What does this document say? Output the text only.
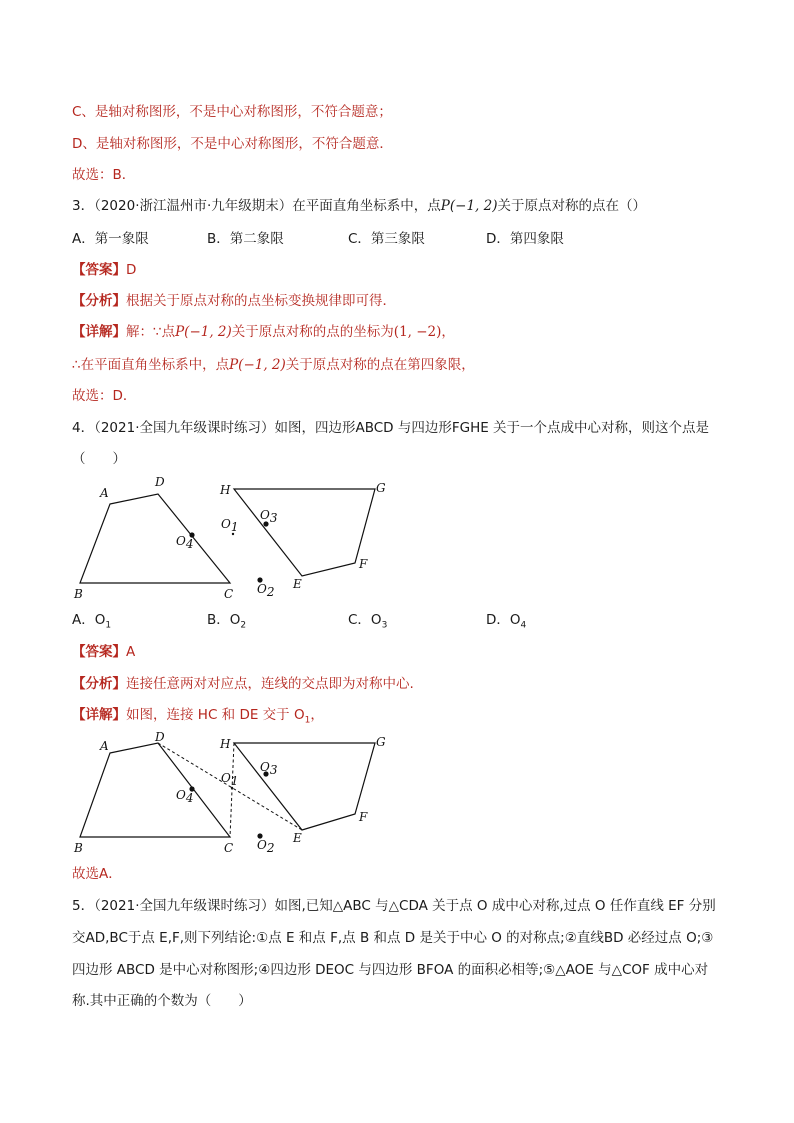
C、是轴对称图形，不是中心对称图形，不符合题意；
D、是轴对称图形，不是中心对称图形，不符合题意．
故选：B．
3．（2020·浙江温州市·九年级期末）在平面直角坐标系中，点P(−1, 2)关于原点对称的点在（）
A．第一象限	B．第二象限	C．第三象限	D．第四象限
【答案】D
【分析】根据关于原点对称的点坐标变换规律即可得．
【详解】解：∵点P(−1, 2)关于原点对称的点的坐标为(1, −2)，
∴在平面直角坐标系中，点P(−1, 2)关于原点对称的点在第四象限，
故选：D．
4．（2021·全国九年级课时练习）如图，四边形ABCD 与四边形FGHE 关于一个点成中心对称，则这个点是
（　　）
A
D
B	C
H	G
F
E
O4
O3
O2
O1
A．$O_1$	B．$O_2$	C．$O_3$	D．$O_4$
【答案】A
【分析】连接任意两对对应点，连线的交点即为对称中心.
【详解】如图，连接 HC 和 DE 交于 $O_1$，
A
D
B	C
H	G
F
E
O4
O3
O2
O1
故选A．
5．（2021·全国九年级课时练习）如图,已知△ABC 与△CDA 关于点 O 成中心对称,过点 O 任作直线 EF 分别
交AD,BC于点 E,F,则下列结论:①点 E 和点 F,点 B 和点 D 是关于中心 O 的对称点;②直线BD 必经过点 O;③
四边形 ABCD 是中心对称图形;④四边形 DEOC 与四边形 BFOA 的面积必相等;⑤△AOE 与△COF 成中心对
称.其中正确的个数为（　　）
